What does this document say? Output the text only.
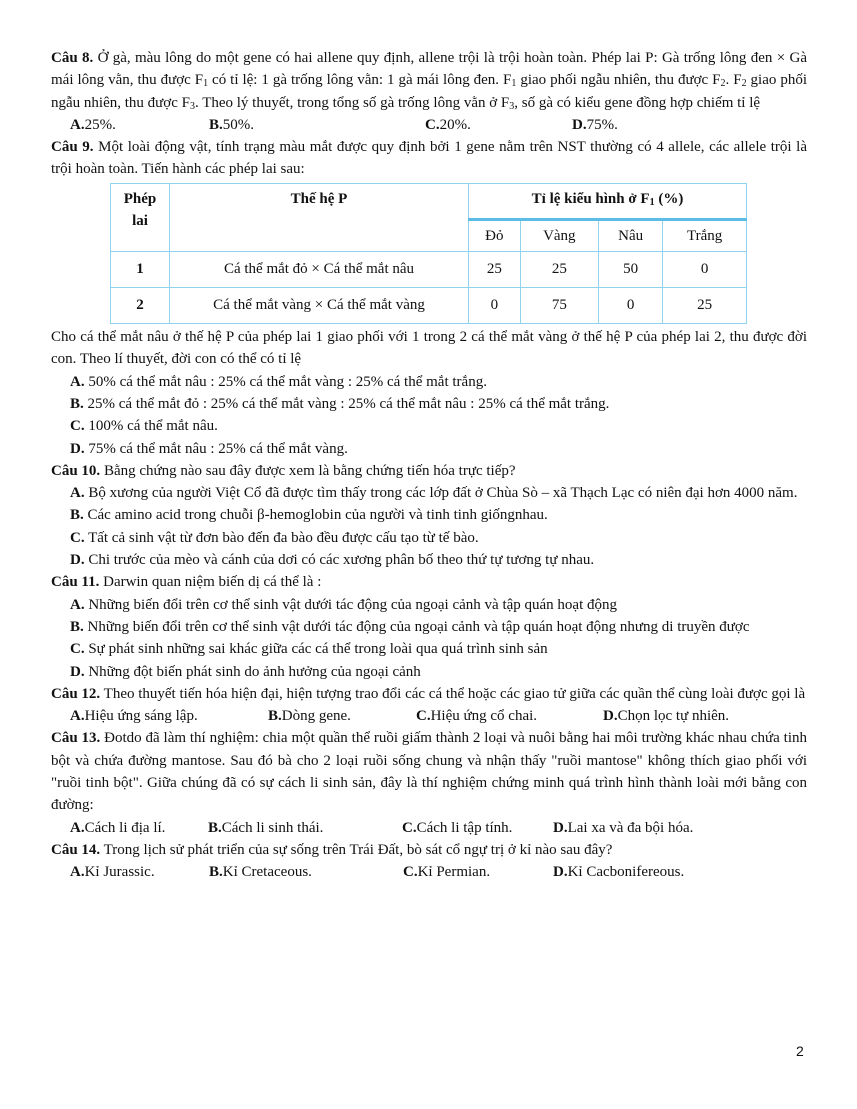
Câu 8. Ở gà, màu lông do một gene có hai allene quy định, allene trội là trội hoàn toàn. Phép lai P: Gà trống lông đen × Gà mái lông vằn, thu được $F_1$ có tỉ lệ: 1 gà trống lông vằn: 1 gà mái lông đen. $F_1$ giao phối ngẫu nhiên, thu được $F_2$. $F_2$ giao phối ngẫu nhiên, thu được $F_3$. Theo lý thuyết, trong tổng số gà trống lông vằn ở $F_3$, số gà có kiểu gene đồng hợp chiếm tỉ lệ

A.25%.	B.50%.	C.20%.	D.75%.

Câu 9. Một loài động vật, tính trạng màu mắt được quy định bởi 1 gene nằm trên NST thường có 4 allele, các allele trội là trội hoàn toàn. Tiến hành các phép lai sau:

Phép lai	Thế hệ P	Tỉ lệ kiểu hình ở $F_1$ (%)			
		Đỏ	Vàng	Nâu	Trắng
1	Cá thể mắt đỏ × Cá thể mắt nâu	25	25	50	0
2	Cá thể mắt vàng × Cá thể mắt vàng	0	75	0	25

Cho cá thể mắt nâu ở thế hệ P của phép lai 1 giao phối với 1 trong 2 cá thể mắt vàng ở thế hệ P của phép lai 2, thu được đời con. Theo lí thuyết, đời con có thể có tỉ lệ

A. 50% cá thể mắt nâu : 25% cá thể mắt vàng : 25% cá thể mắt trắng.

B. 25% cá thể mắt đỏ : 25% cá thể mắt vàng : 25% cá thể mắt nâu : 25% cá thể mắt trắng.

C. 100% cá thể mắt nâu.

D. 75% cá thể mắt nâu : 25% cá thể mắt vàng.

Câu 10. Bằng chứng nào sau đây được xem là bằng chứng tiến hóa trực tiếp?

A. Bộ xương của người Việt Cổ đã được tìm thấy trong các lớp đất ở Chùa Sò – xã Thạch Lạc có niên đại hơn 4000 năm.

B. Các amino acid trong chuỗi β-hemoglobin của người và tinh tinh giốngnhau.

C. Tất cả sinh vật từ đơn bào đến đa bào đều được cấu tạo từ tế bào.

D. Chi trước của mèo và cánh của dơi có các xương phân bố theo thứ tự tương tự nhau.

Câu 11. Darwin quan niệm biến dị cá thể là :

A. Những biến đổi trên cơ thể sinh vật dưới tác động của ngoại cảnh và tập quán hoạt động

B. Những biến đổi trên cơ thể sinh vật dưới tác động của ngoại cảnh và tập quán hoạt động nhưng di truyền được

C. Sự phát sinh những sai khác giữa các cá thể trong loài qua quá trình sinh sản

D. Những đột biến phát sinh do ảnh hưởng của ngoại cảnh

Câu 12. Theo thuyết tiến hóa hiện đại, hiện tượng trao đổi các cá thể hoặc các giao tử giữa các quần thể cùng loài được gọi là

A.Hiệu ứng sáng lập.	B.Dòng gene.	C.Hiệu ứng cổ chai.	D.Chọn lọc tự nhiên.

Câu 13. Đotdo đã làm thí nghiệm: chia một quần thể ruồi giấm thành 2 loại và nuôi bằng hai môi trường khác nhau chứa tinh bột và chứa đường mantose. Sau đó bà cho 2 loại ruồi sống chung và nhận thấy "ruồi mantose" không thích giao phối với "ruồi tinh bột". Giữa chúng đã có sự cách li sinh sản, đây là thí nghiệm chứng minh quá trình hình thành loài mới bằng con đường:

A.Cách li địa lí.	B.Cách li sinh thái.	C.Cách li tập tính.	D.Lai xa và đa bội hóa.

Câu 14. Trong lịch sử phát triển của sự sống trên Trái Đất, bò sát cổ ngự trị ở kỉ nào sau đây?

A.Kỉ Jurassic.	B.Kỉ Cretaceous.	C.Kỉ Permian.	D.Kỉ Cacbonifereous.
2
